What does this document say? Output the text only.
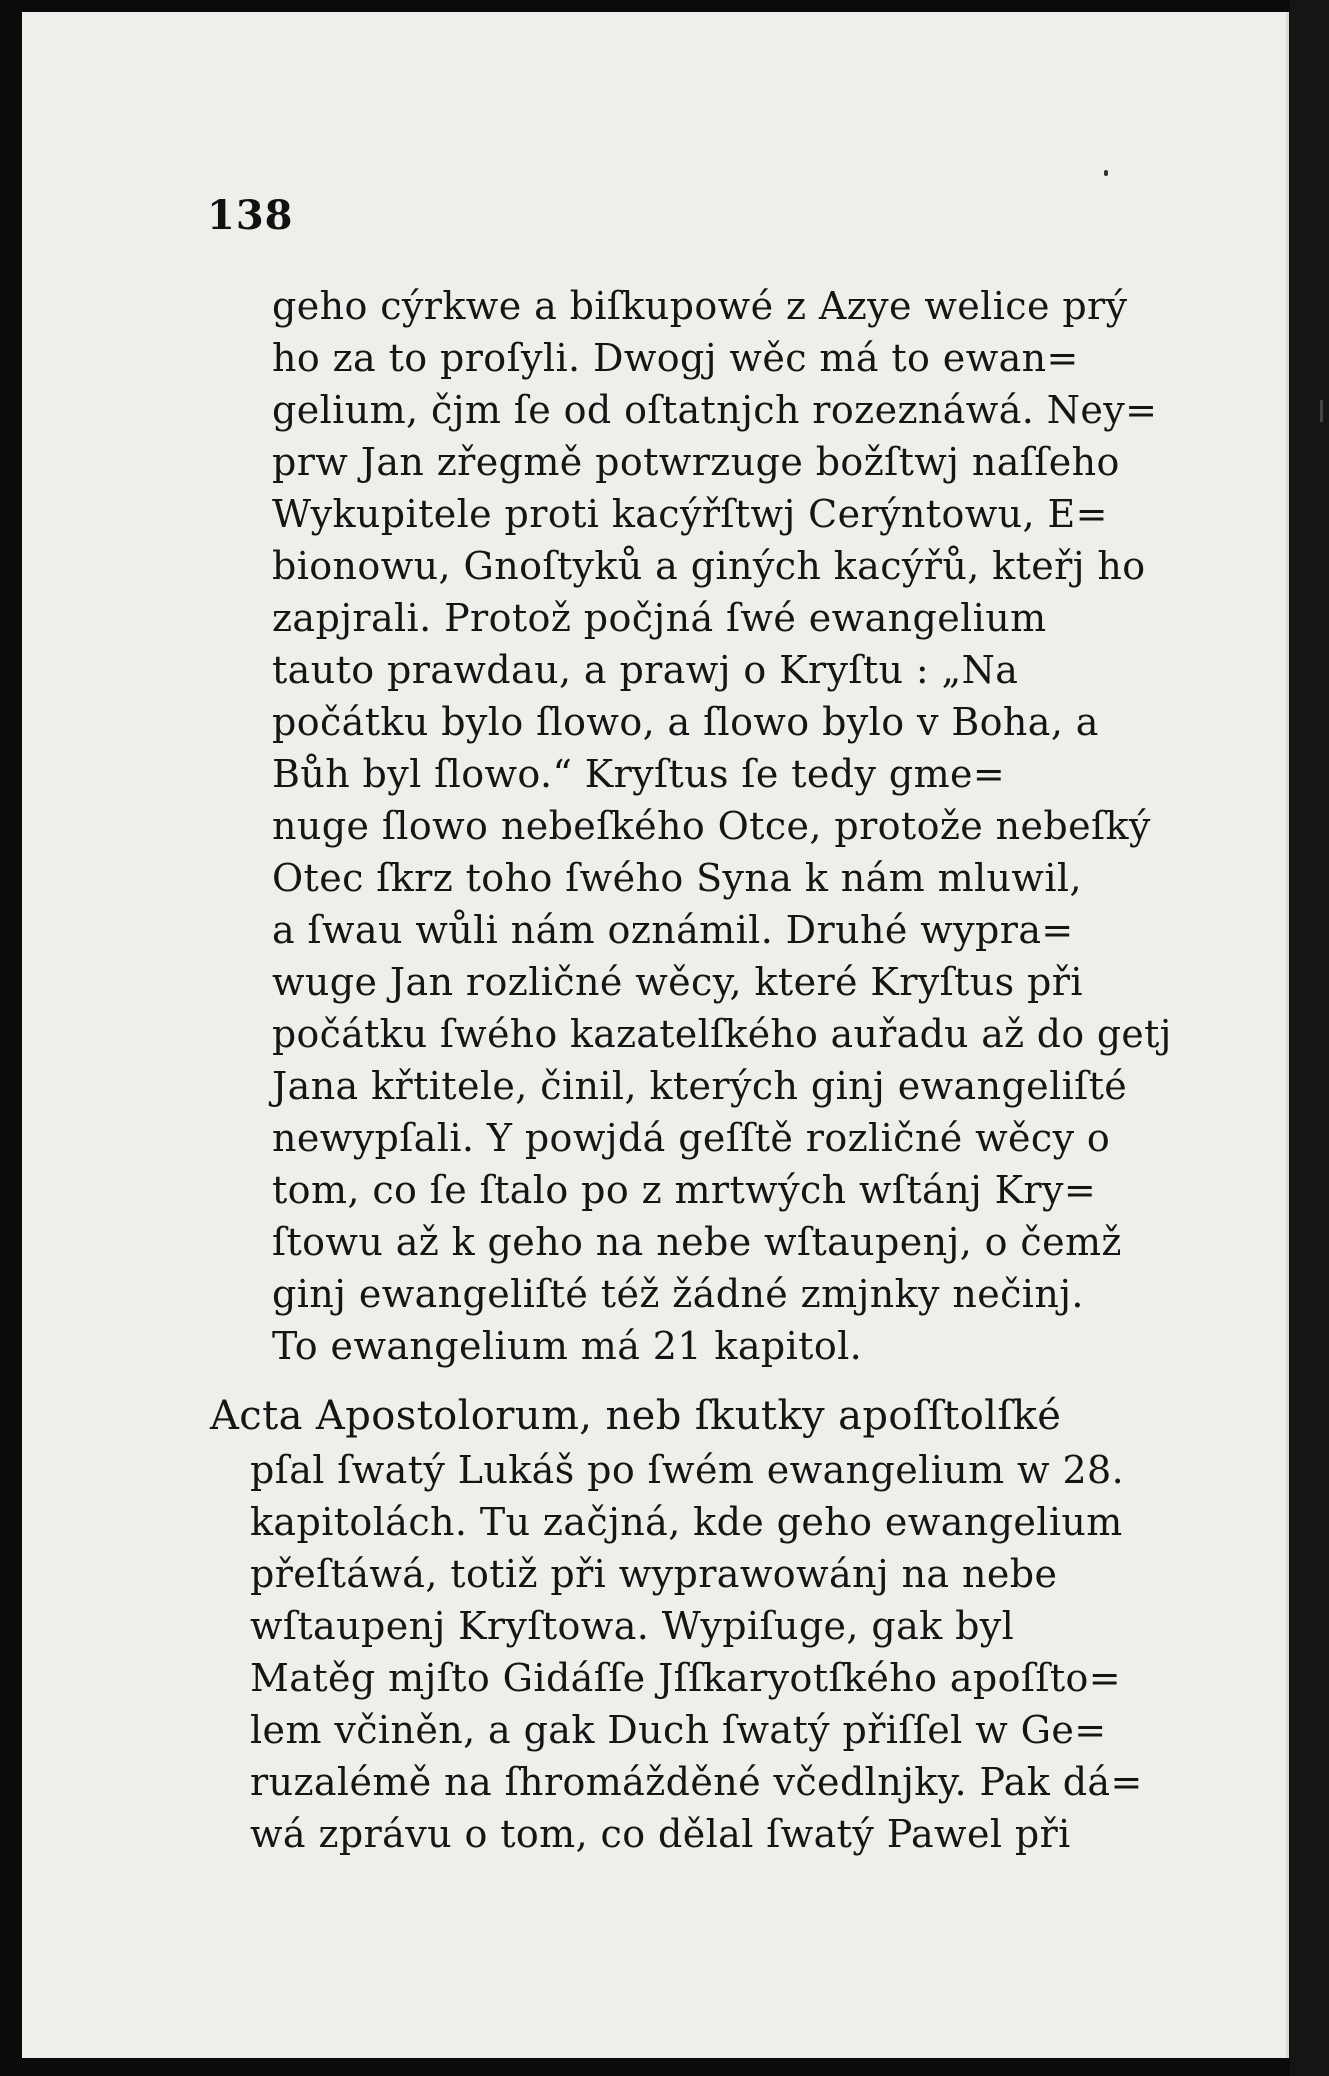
138
geho cýrkwe a biſkupowé z Azye welice prý
ho za to proſyli. Dwogj wěc má to ewan=
gelium, čjm ſe od oſtatnjch rozeznáwá. Ney=
prw Jan zřegmě potwrzuge božſtwj naſſeho
Wykupitele proti kacýřſtwj Cerýntowu, E=
bionowu, Gnoſtyků a giných kacýřů, kteřj ho
zapjrali. Protož počjná ſwé ewangelium
tauto prawdau, a prawj o Kryſtu : „Na
počátku bylo ſlowo, a ſlowo bylo v Boha, a
Bůh byl ſlowo.“ Kryſtus ſe tedy gme=
nuge ſlowo nebeſkého Otce, protože nebeſký
Otec ſkrz toho ſwého Syna k nám mluwil,
a ſwau wůli nám oznámil. Druhé wypra=
wuge Jan rozličné wěcy, které Kryſtus při
počátku ſwého kazatelſkého auřadu až do getj
Jana křtitele, činil, kterých ginj ewangeliſté
newypſali. Y powjdá geſſtě rozličné wěcy o
tom, co ſe ſtalo po z mrtwých wſtánj Kry=
ſtowu až k geho na nebe wſtaupenj, o čemž
ginj ewangeliſté též žádné zmjnky nečinj.
To ewangelium má 21 kapitol.
Acta Apostolorum, neb ſkutky apoſſtolſké
pſal ſwatý Lukáš po ſwém ewangelium w 28.
kapitolách. Tu začjná, kde geho ewangelium
přeſtáwá, totiž při wyprawowánj na nebe
wſtaupenj Kryſtowa. Wypiſuge, gak byl
Matěg mjſto Gidáſſe Jſſkaryotſkého apoſſto=
lem včiněn, a gak Duch ſwatý přiſſel w Ge=
ruzalémě na ſhromážděné včedlnjky. Pak dá=
wá zprávu o tom, co dělal ſwatý Pawel při
